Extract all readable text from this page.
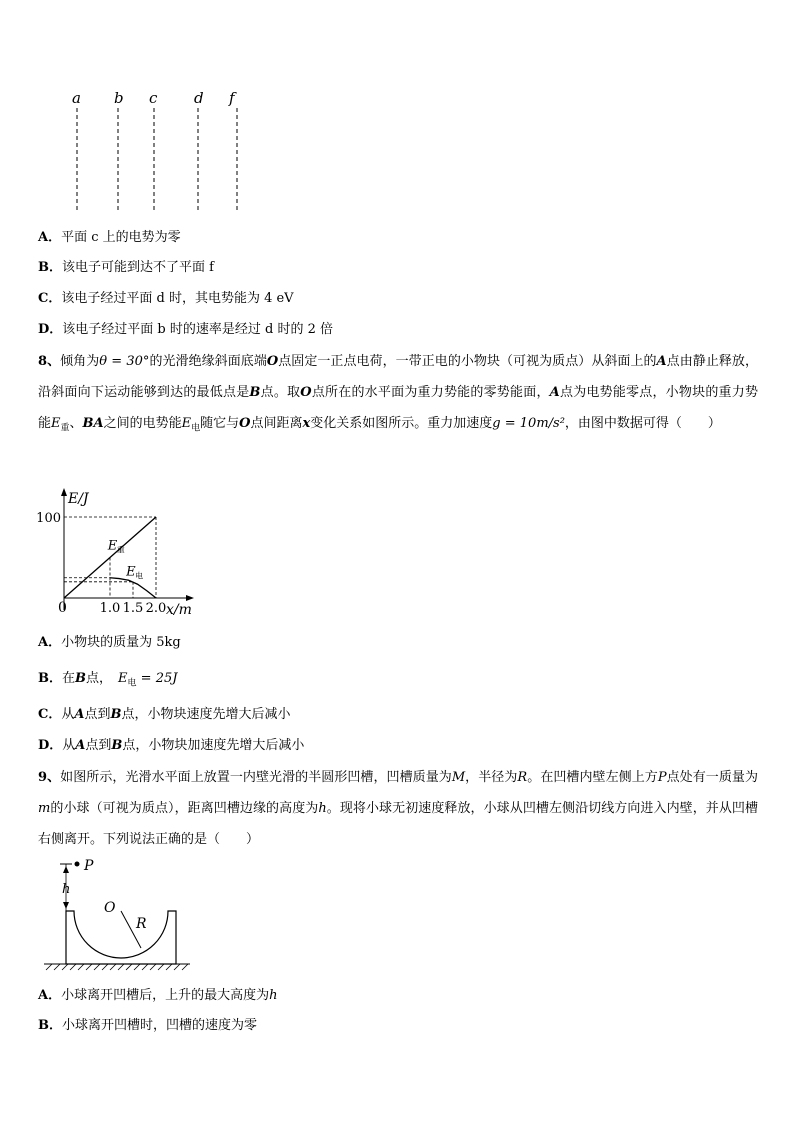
a b c d f
A．平面 c 上的电势为零
B．该电子可能到达不了平面 f
C．该电子经过平面 d 时，其电势能为 4 eV
D．该电子经过平面 b 时的速率是经过 d 时的 2 倍
8、倾角为θ = 30°的光滑绝缘斜面底端O点固定一正点电荷，一带正电的小物块（可视为质点）从斜面上的A点由静止释放，沿斜面向下运动能够到达的最低点是B点。取O点所在的水平面为重力势能的零势能面，A点为电势能零点，小物块的重力势能$E_重$、BA之间的电势能$E_电$随它与O点间距离x变化关系如图所示。重力加速度g = 10m/s²，由图中数据可得（　　）
E/J
x/m
0
E 重
E 电
1.0 1.5 2.0
100
A．小物块的质量为 5kg
B．在B点， $E_电 = 25J$
C．从A点到B点，小物块速度先增大后减小
D．从A点到B点，小物块加速度先增大后减小
9、如图所示，光滑水平面上放置一内壁光滑的半圆形凹槽，凹槽质量为M，半径为R。在凹槽内壁左侧上方P点处有一质量为m的小球（可视为质点），距离凹槽边缘的高度为h。现将小球无初速度释放，小球从凹槽左侧沿切线方向进入内壁，并从凹槽右侧离开。下列说法正确的是（　　）
P
h
O
R
A．小球离开凹槽后，上升的最大高度为h
B．小球离开凹槽时，凹槽的速度为零
